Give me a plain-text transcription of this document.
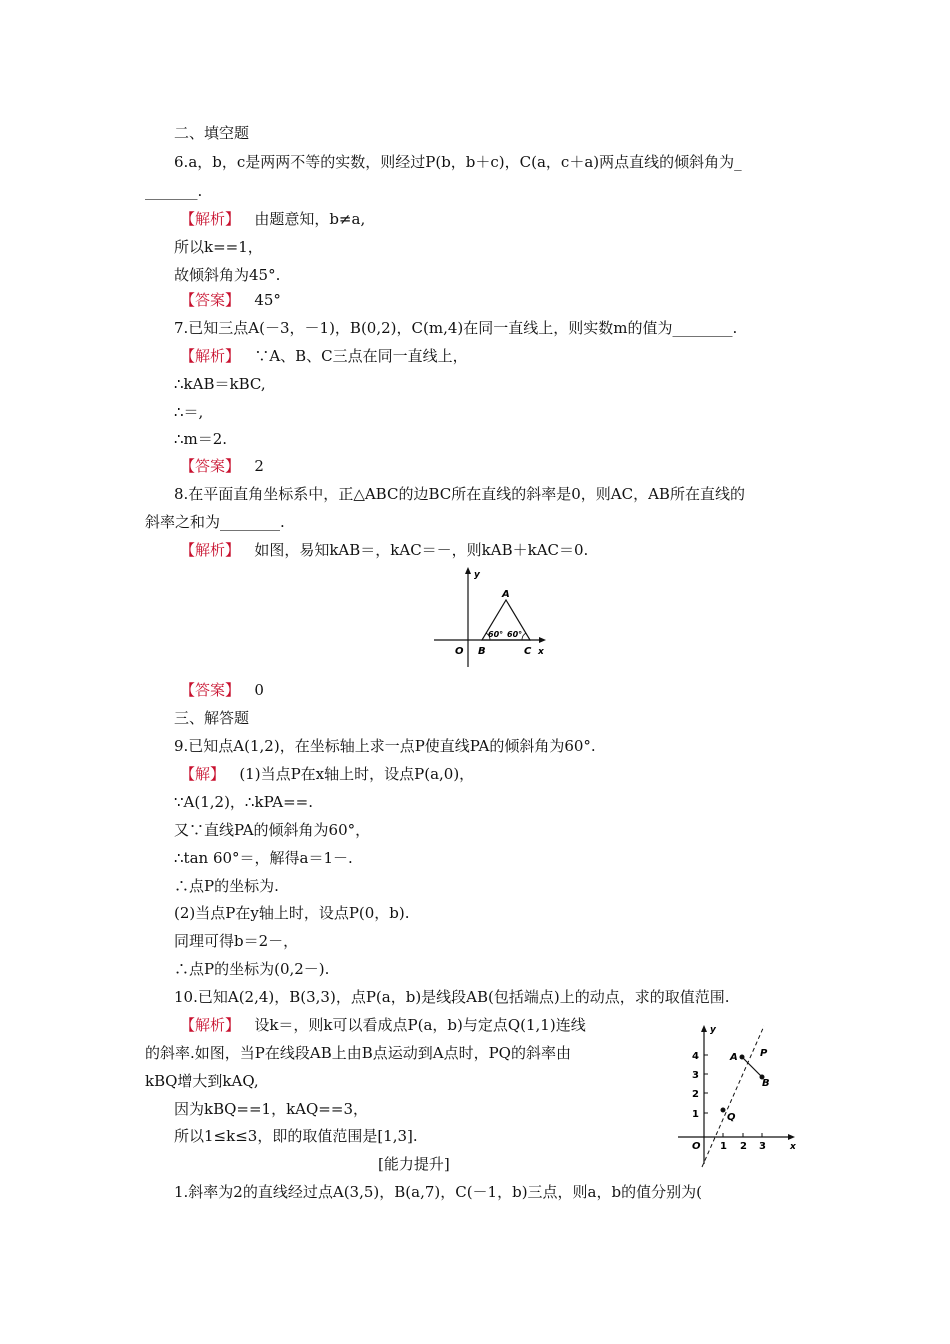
二、填空题
6.a，b，c是两两不等的实数，则经过P(b，b＋c)，C(a，c＋a)两点直线的倾斜角为_
_______.
【解析】 由题意知，b≠a,
所以k==1，
故倾斜角为45°.
【答案】 45°
7.已知三点A(－3，－1)，B(0,2)，C(m,4)在同一直线上，则实数m的值为________.
【解析】 ∵A、B、C三点在同一直线上，
∴kAB＝kBC,
∴＝,
∴m＝2.
【答案】 2
8.在平面直角坐标系中，正△ABC的边BC所在直线的斜率是0，则AC，AB所在直线的
斜率之和为________.
【解析】 如图，易知kAB＝，kAC＝－，则kAB＋kAC＝0.
y
x
O
A
B	C
60° 60°
【答案】 0
三、解答题
9.已知点A(1,2)，在坐标轴上求一点P使直线PA的倾斜角为60°.
【解】 (1)当点P在x轴上时，设点P(a,0)，
∵A(1,2)，∴kPA==.
又∵直线PA的倾斜角为60°，
∴tan 60°＝，解得a＝1－.
∴点P的坐标为.
(2)当点P在y轴上时，设点P(0，b).
同理可得b＝2－，
∴点P的坐标为(0,2－).
10.已知A(2,4)，B(3,3)，点P(a，b)是线段AB(包括端点)上的动点，求的取值范围.
【解析】 设k＝，则k可以看成点P(a，b)与定点Q(1,1)连线
的斜率.如图，当P在线段AB上由B点运动到A点时，PQ的斜率由
kBQ增大到kAQ,
因为kBQ==1，kAQ==3，
所以1≤k≤3，即的取值范围是[1,3].
y
x
O
4
3
2
1
1 2 3
A P
B
Q
[能力提升]
1.斜率为2的直线经过点A(3,5)，B(a,7)，C(－1，b)三点，则a，b的值分别为(
